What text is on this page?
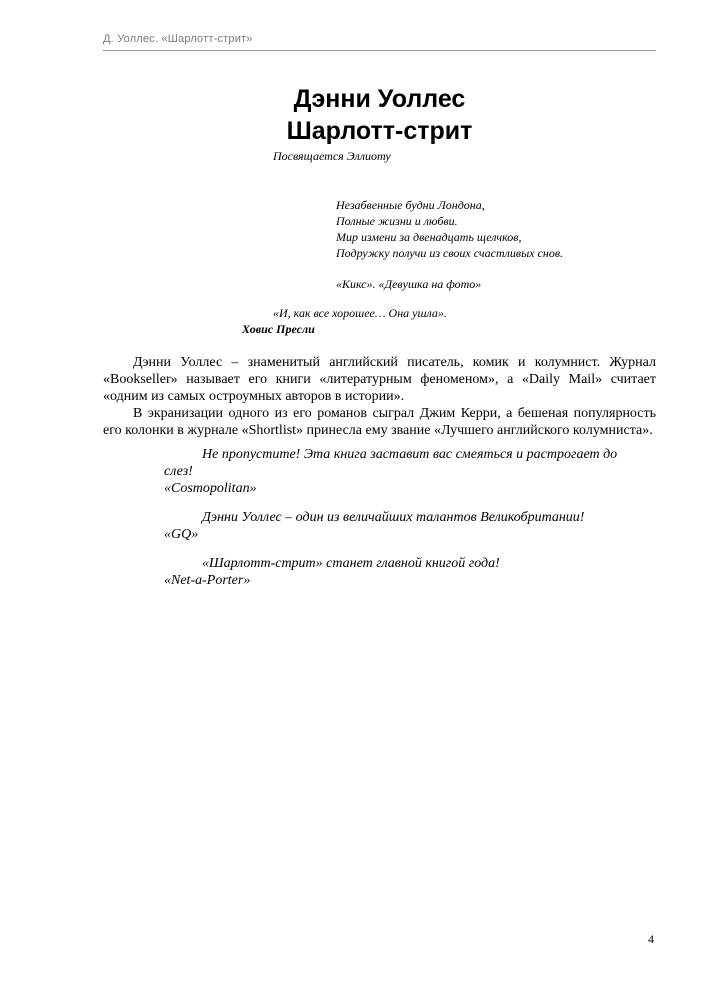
Д. Уоллес. «Шарлотт-стрит»
Дэнни Уоллес
Шарлотт-стрит
Посвящается Эллиоту
Незабвенные будни Лондона,
Полные жизни и любви.
Мир измени за двенадцать щелчков,
Подружку получи из своих счастливых снов.
«Кикс». «Девушка на фото»
«И, как все хорошее… Она ушла».
Ховис Пресли
Дэнни Уоллес – знаменитый английский писатель, комик и колумнист. Журнал «Bookseller» называет его книги «литературным феноменом», а «Daily Mail» считает «одним из самых остроумных авторов в истории».
В экранизации одного из его романов сыграл Джим Керри, а бешеная популярность его колонки в журнале «Shortlist» принесла ему звание «Лучшего английского колумниста».
Не пропустите! Эта книга заставит вас смеяться и растрогает до
слез!
«Cosmopolitan»
Дэнни Уоллес – один из величайших талантов Великобритании!
«GQ»
«Шарлотт-стрит» станет главной книгой года!
«Net-a-Porter»
4
